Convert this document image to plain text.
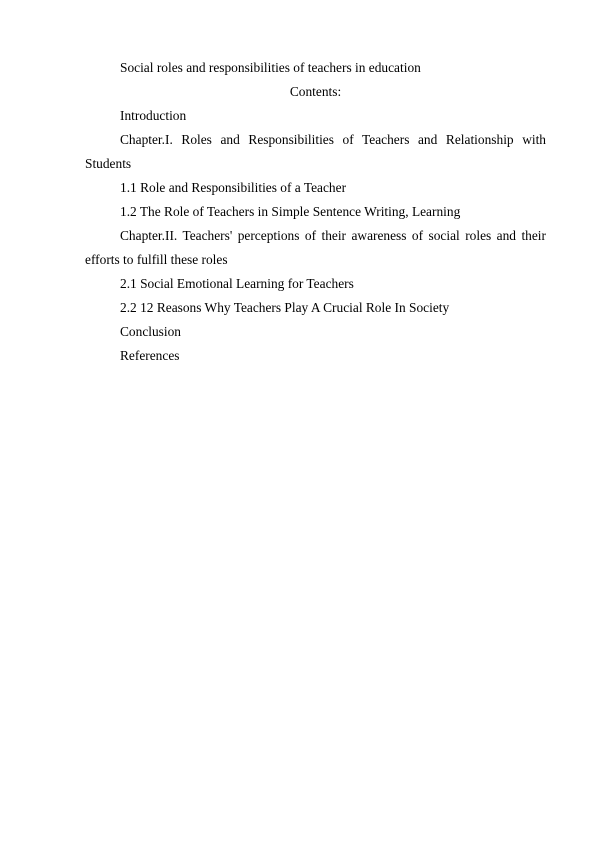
Social roles and responsibilities of teachers in education

Contents:

Introduction

Chapter.I. Roles and Responsibilities of Teachers and Relationship with Students

1.1 Role and Responsibilities of a Teacher

1.2 The Role of Teachers in Simple Sentence Writing, Learning

Chapter.II. Teachers' perceptions of their awareness of social roles and their efforts to fulfill these roles

2.1 Social Emotional Learning for Teachers

2.2 12 Reasons Why Teachers Play A Crucial Role In Society

Conclusion

References
